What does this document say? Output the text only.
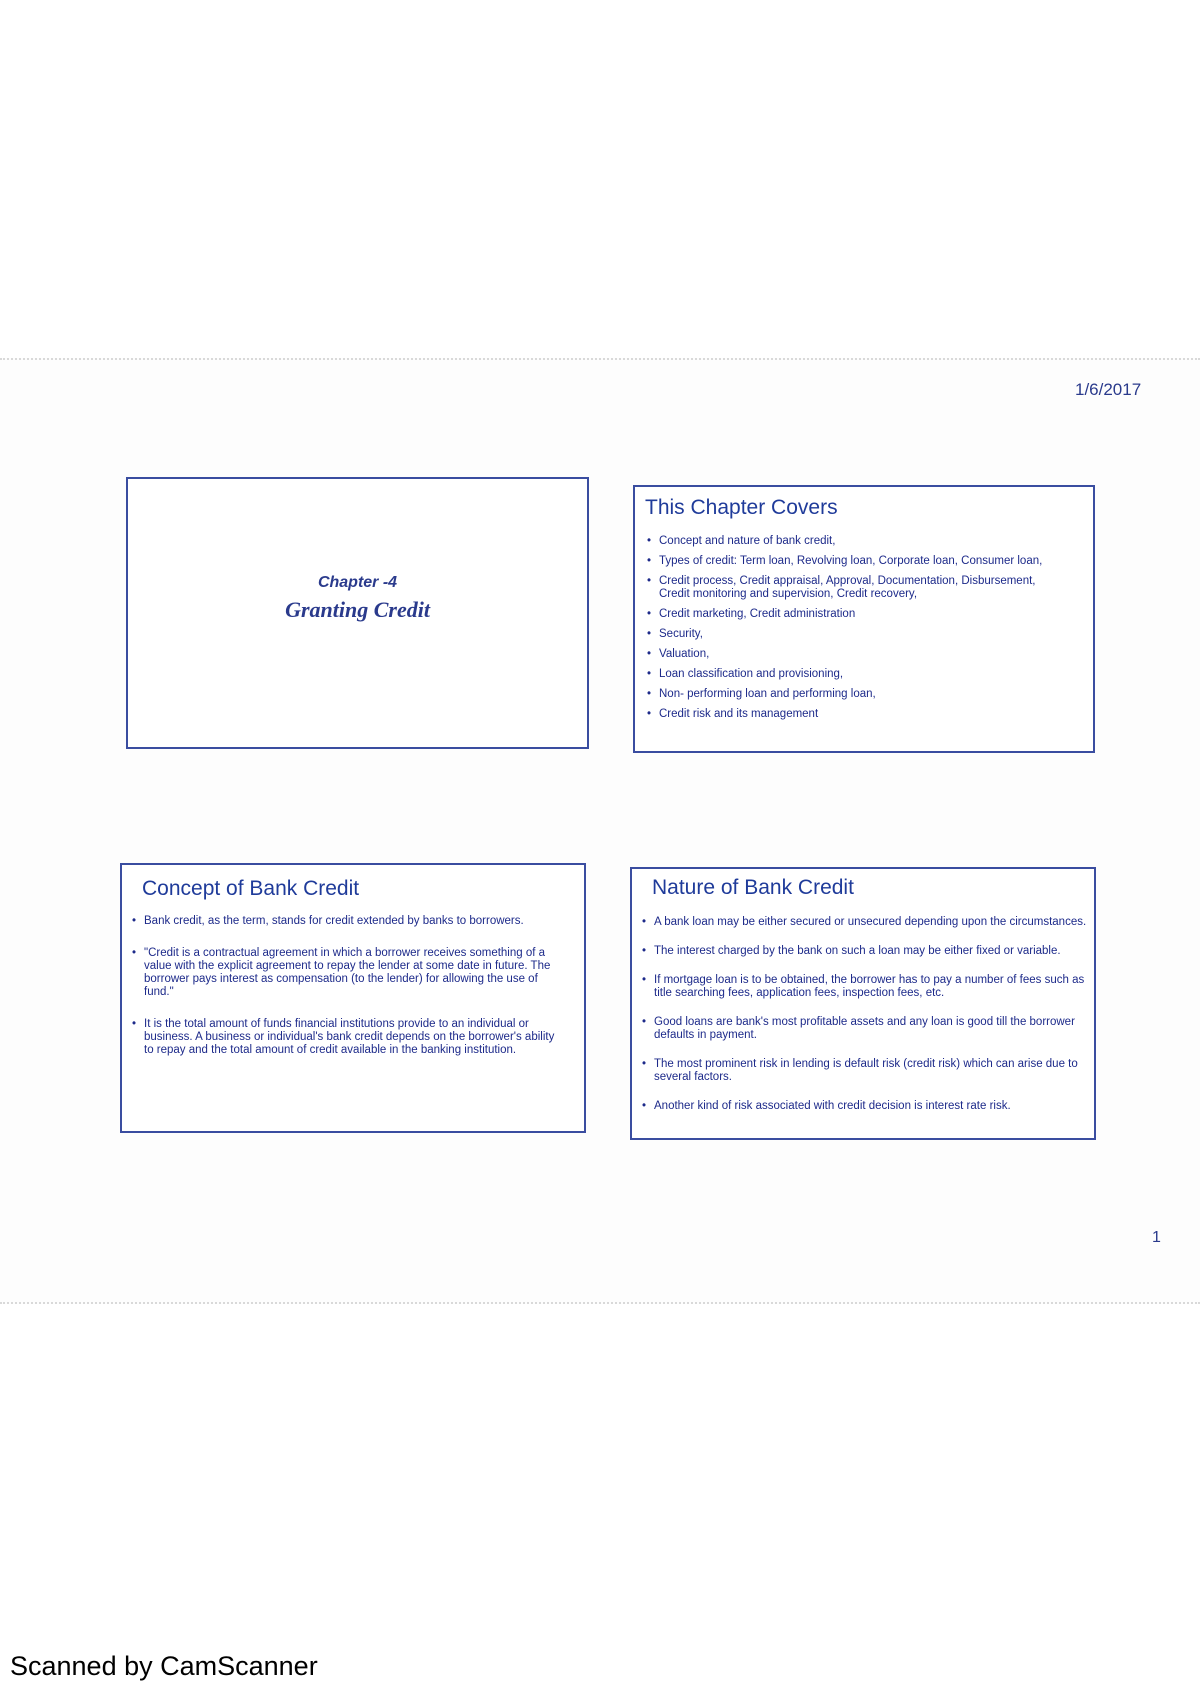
1/6/2017
Chapter -4
Granting Credit
This Chapter Covers
• Concept and nature of bank credit,
• Types of credit: Term loan, Revolving loan, Corporate loan, Consumer loan,
• Credit process, Credit appraisal, Approval, Documentation, Disbursement, Credit monitoring and supervision, Credit recovery,
• Credit marketing, Credit administration
• Security,
• Valuation,
• Loan classification and provisioning,
• Non- performing loan and performing loan,
• Credit risk and its management
Concept of Bank Credit
• Bank credit, as the term, stands for credit extended by banks to borrowers.
• "Credit is a contractual agreement in which a borrower receives something of a value with the explicit agreement to repay the lender at some date in future. The borrower pays interest as compensation (to the lender) for allowing the use of fund."
• It is the total amount of funds financial institutions provide to an individual or business. A business or individual's bank credit depends on the borrower's ability to repay and the total amount of credit available in the banking institution.
Nature of Bank Credit
• A bank loan may be either secured or unsecured depending upon the circumstances.
• The interest charged by the bank on such a loan may be either fixed or variable.
• If mortgage loan is to be obtained, the borrower has to pay a number of fees such as title searching fees, application fees, inspection fees, etc.
• Good loans are bank's most profitable assets and any loan is good till the borrower defaults in payment.
• The most prominent risk in lending is default risk (credit risk) which can arise due to several factors.
• Another kind of risk associated with credit decision is interest rate risk.
1
Scanned by CamScanner
